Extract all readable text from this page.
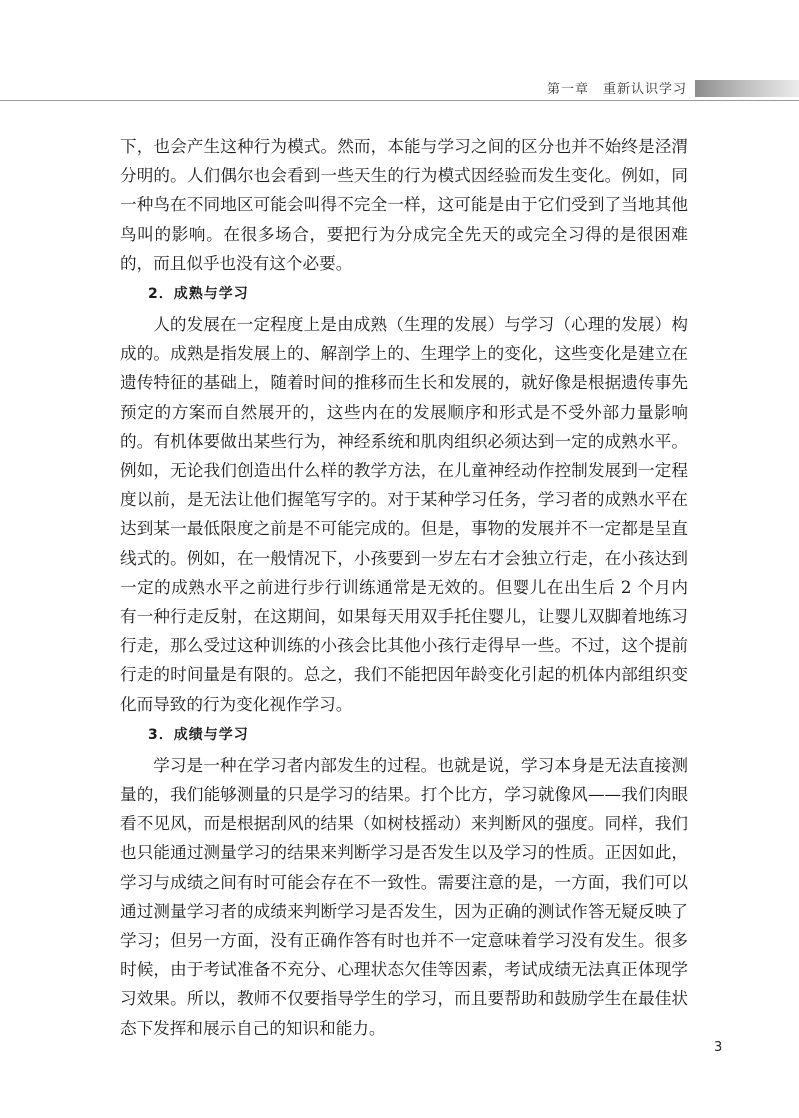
第一章　重新认识学习

下，也会产生这种行为模式。然而，本能与学习之间的区分也并不始终是泾渭分明的。人们偶尔也会看到一些天生的行为模式因经验而发生变化。例如，同一种鸟在不同地区可能会叫得不完全一样，这可能是由于它们受到了当地其他鸟叫的影响。在很多场合，要把行为分成完全先天的或完全习得的是很困难的，而且似乎也没有这个必要。

2．成熟与学习

人的发展在一定程度上是由成熟（生理的发展）与学习（心理的发展）构成的。成熟是指发展上的、解剖学上的、生理学上的变化，这些变化是建立在遗传特征的基础上，随着时间的推移而生长和发展的，就好像是根据遗传事先预定的方案而自然展开的，这些内在的发展顺序和形式是不受外部力量影响的。有机体要做出某些行为，神经系统和肌肉组织必须达到一定的成熟水平。例如，无论我们创造出什么样的教学方法，在儿童神经动作控制发展到一定程度以前，是无法让他们握笔写字的。对于某种学习任务，学习者的成熟水平在达到某一最低限度之前是不可能完成的。但是，事物的发展并不一定都是呈直线式的。例如，在一般情况下，小孩要到一岁左右才会独立行走，在小孩达到一定的成熟水平之前进行步行训练通常是无效的。但婴儿在出生后 2 个月内有一种行走反射，在这期间，如果每天用双手托住婴儿，让婴儿双脚着地练习行走，那么受过这种训练的小孩会比其他小孩行走得早一些。不过，这个提前行走的时间量是有限的。总之，我们不能把因年龄变化引起的机体内部组织变化而导致的行为变化视作学习。

3．成绩与学习

学习是一种在学习者内部发生的过程。也就是说，学习本身是无法直接测量的，我们能够测量的只是学习的结果。打个比方，学习就像风——我们肉眼看不见风，而是根据刮风的结果（如树枝摇动）来判断风的强度。同样，我们也只能通过测量学习的结果来判断学习是否发生以及学习的性质。正因如此，学习与成绩之间有时可能会存在不一致性。需要注意的是，一方面，我们可以通过测量学习者的成绩来判断学习是否发生，因为正确的测试作答无疑反映了学习；但另一方面，没有正确作答有时也并不一定意味着学习没有发生。很多时候，由于考试准备不充分、心理状态欠佳等因素，考试成绩无法真正体现学习效果。所以，教师不仅要指导学生的学习，而且要帮助和鼓励学生在最佳状态下发挥和展示自己的知识和能力。

3
